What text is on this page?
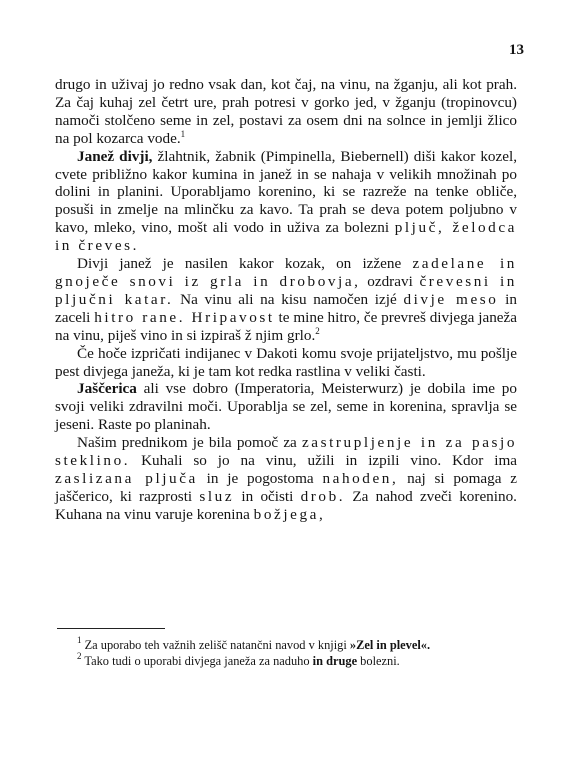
13

drugo in uživaj jo redno vsak dan, kot čaj, na vinu, na žganju, ali kot prah. Za čaj kuhaj zel četrt ure, prah potresi v gorko jed, v žganju (tropinovcu) namoči stolčeno seme in zel, postavi za osem dni na solnce in jemlji žlico na pol kozarca vode.$^1$

Janež divji, žlahtnik, žabnik (Pimpinella, Biebernell) diši kakor kozel, cvete približno kakor kumina in janež in se nahaja v velikih množinah po dolini in planini. Uporabljamo korenino, ki se razreže na tenke obliče, posuši in zmelje na mlinčku za kavo. Ta prah se deva potem poljubno v kavo, mleko, vino, mošt ali vodo in uživa za bolezni pljuč, želodca in čreves.

Divji janež je nasilen kakor kozak, on izžene zadelane in gnoječe snovi iz grla in drobovja, ozdravi črevesni in pljučni katar. Na vinu ali na kisu namočen izjé divje meso in zaceli hitro rane. Hripavost te mine hitro, če prevreš divjega janeža na vinu, piješ vino in si izpiraš ž njim grlo.$^2$

Če hoče izpričati indijanec v Dakoti komu svoje prijateljstvo, mu pošlje pest divjega janeža, ki je tam kot redka rastlina v veliki časti.

Jaščerica ali vse dobro (Imperatoria, Meisterwurz) je dobila ime po svoji veliki zdravilni moči. Uporablja se zel, seme in korenina, spravlja se jeseni. Raste po planinah.

Našim prednikom je bila pomoč za zastrupljenje in za pasjo steklino. Kuhali so jo na vinu, užili in izpili vino. Kdor ima zaslizana pljuča in je pogostoma nahoden, naj si pomaga z jaščerico, ki razprosti sluz in očisti drob. Za nahod zveči korenino. Kuhana na vinu varuje korenina božjega,

$^1$ Za uporabo teh važnih zelišč natančni navod v knjigi »Zel in plevel«.

$^2$ Tako tudi o uporabi divjega janeža za naduho in druge bolezni.
